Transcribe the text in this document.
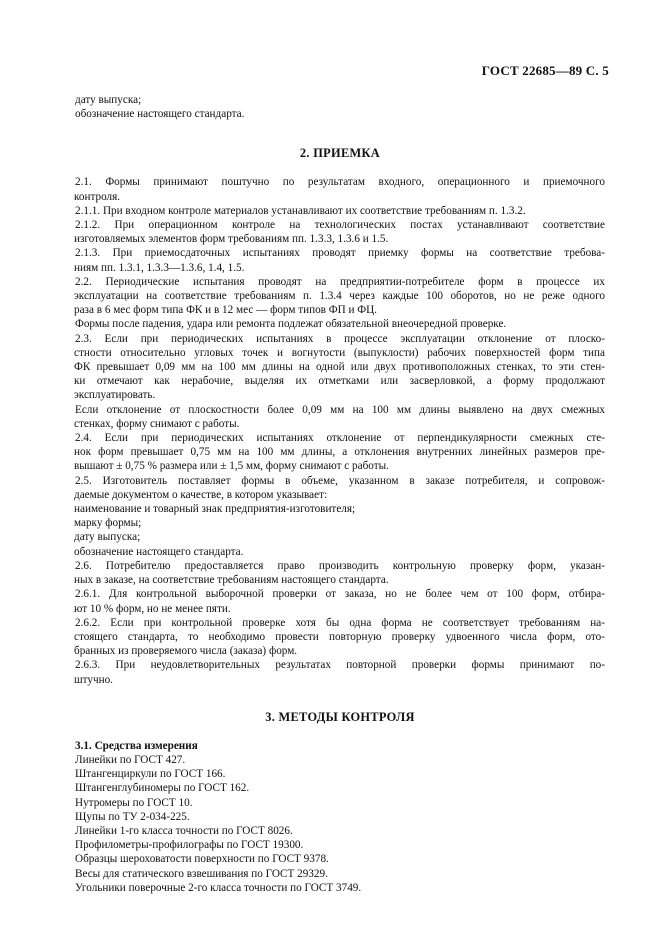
ГОСТ 22685—89 С. 5

дату выпуска;

обозначение настоящего стандарта.

2. ПРИЕМКА

2.1. Формы принимают поштучно по результатам входного, операционного и приемочного

контроля.

2.1.1. При входном контроле материалов устанавливают их соответствие требованиям п. 1.3.2.

2.1.2. При операционном контроле на технологических постах устанавливают соответствие

изготовляемых элементов форм требованиям пп. 1.3.3, 1.3.6 и 1.5.

2.1.3. При приемосдаточных испытаниях проводят приемку формы на соответствие требова-

ниям пп. 1.3.1, 1.3.3—1.3.6, 1.4, 1.5.

2.2. Периодические испытания проводят на предприятии-потребителе форм в процессе их

эксплуатации на соответствие требованиям п. 1.3.4 через каждые 100 оборотов, но не реже одного

раза в 6 мес форм типа ФК и в 12 мес — форм типов ФП и ФЦ.

Формы после падения, удара или ремонта подлежат обязательной внеочередной проверке.

2.3. Если при периодических испытаниях в процессе эксплуатации отклонение от плоско-

стности относительно угловых точек и вогнутости (выпуклости) рабочих поверхностей форм типа

ФК превышает 0,09 мм на 100 мм длины на одной или двух противоположных стенках, то эти стен-

ки отмечают как нерабочие, выделяя их отметками или засверловкой, а форму продолжают

эксплуатировать.

Если отклонение от плоскостности более 0,09 мм на 100 мм длины выявлено на двух смежных

стенках, форму снимают с работы.

2.4. Если при периодических испытаниях отклонение от перпендикулярности смежных сте-

нок форм превышает 0,75 мм на 100 мм длины, а отклонения внутренних линейных размеров пре-

вышают ± 0,75 % размера или ± 1,5 мм, форму снимают с работы.

2.5. Изготовитель поставляет формы в объеме, указанном в заказе потребителя, и сопровож-

даемые документом о качестве, в котором указывает:

наименование и товарный знак предприятия-изготовителя;

марку формы;

дату выпуска;

обозначение настоящего стандарта.

2.6. Потребителю предоставляется право производить контрольную проверку форм, указан-

ных в заказе, на соответствие требованиям настоящего стандарта.

2.6.1. Для контрольной выборочной проверки от заказа, но не более чем от 100 форм, отбира-

ют 10 % форм, но не менее пяти.

2.6.2. Если при контрольной проверке хотя бы одна форма не соответствует требованиям на-

стоящего стандарта, то необходимо провести повторную проверку удвоенного числа форм, ото-

бранных из проверяемого числа (заказа) форм.

2.6.3. При неудовлетворительных результатах повторной проверки формы принимают по-

штучно.

3. МЕТОДЫ КОНТРОЛЯ

3.1. Средства измерения

Линейки по ГОСТ 427.

Штангенциркули по ГОСТ 166.

Штангенглубиномеры по ГОСТ 162.

Нутромеры по ГОСТ 10.

Щупы по ТУ 2-034-225.

Линейки 1-го класса точности по ГОСТ 8026.

Профилометры-профилографы по ГОСТ 19300.

Образцы шероховатости поверхности по ГОСТ 9378.

Весы для статического взвешивания по ГОСТ 29329.

Угольники поверочные 2-го класса точности по ГОСТ 3749.
